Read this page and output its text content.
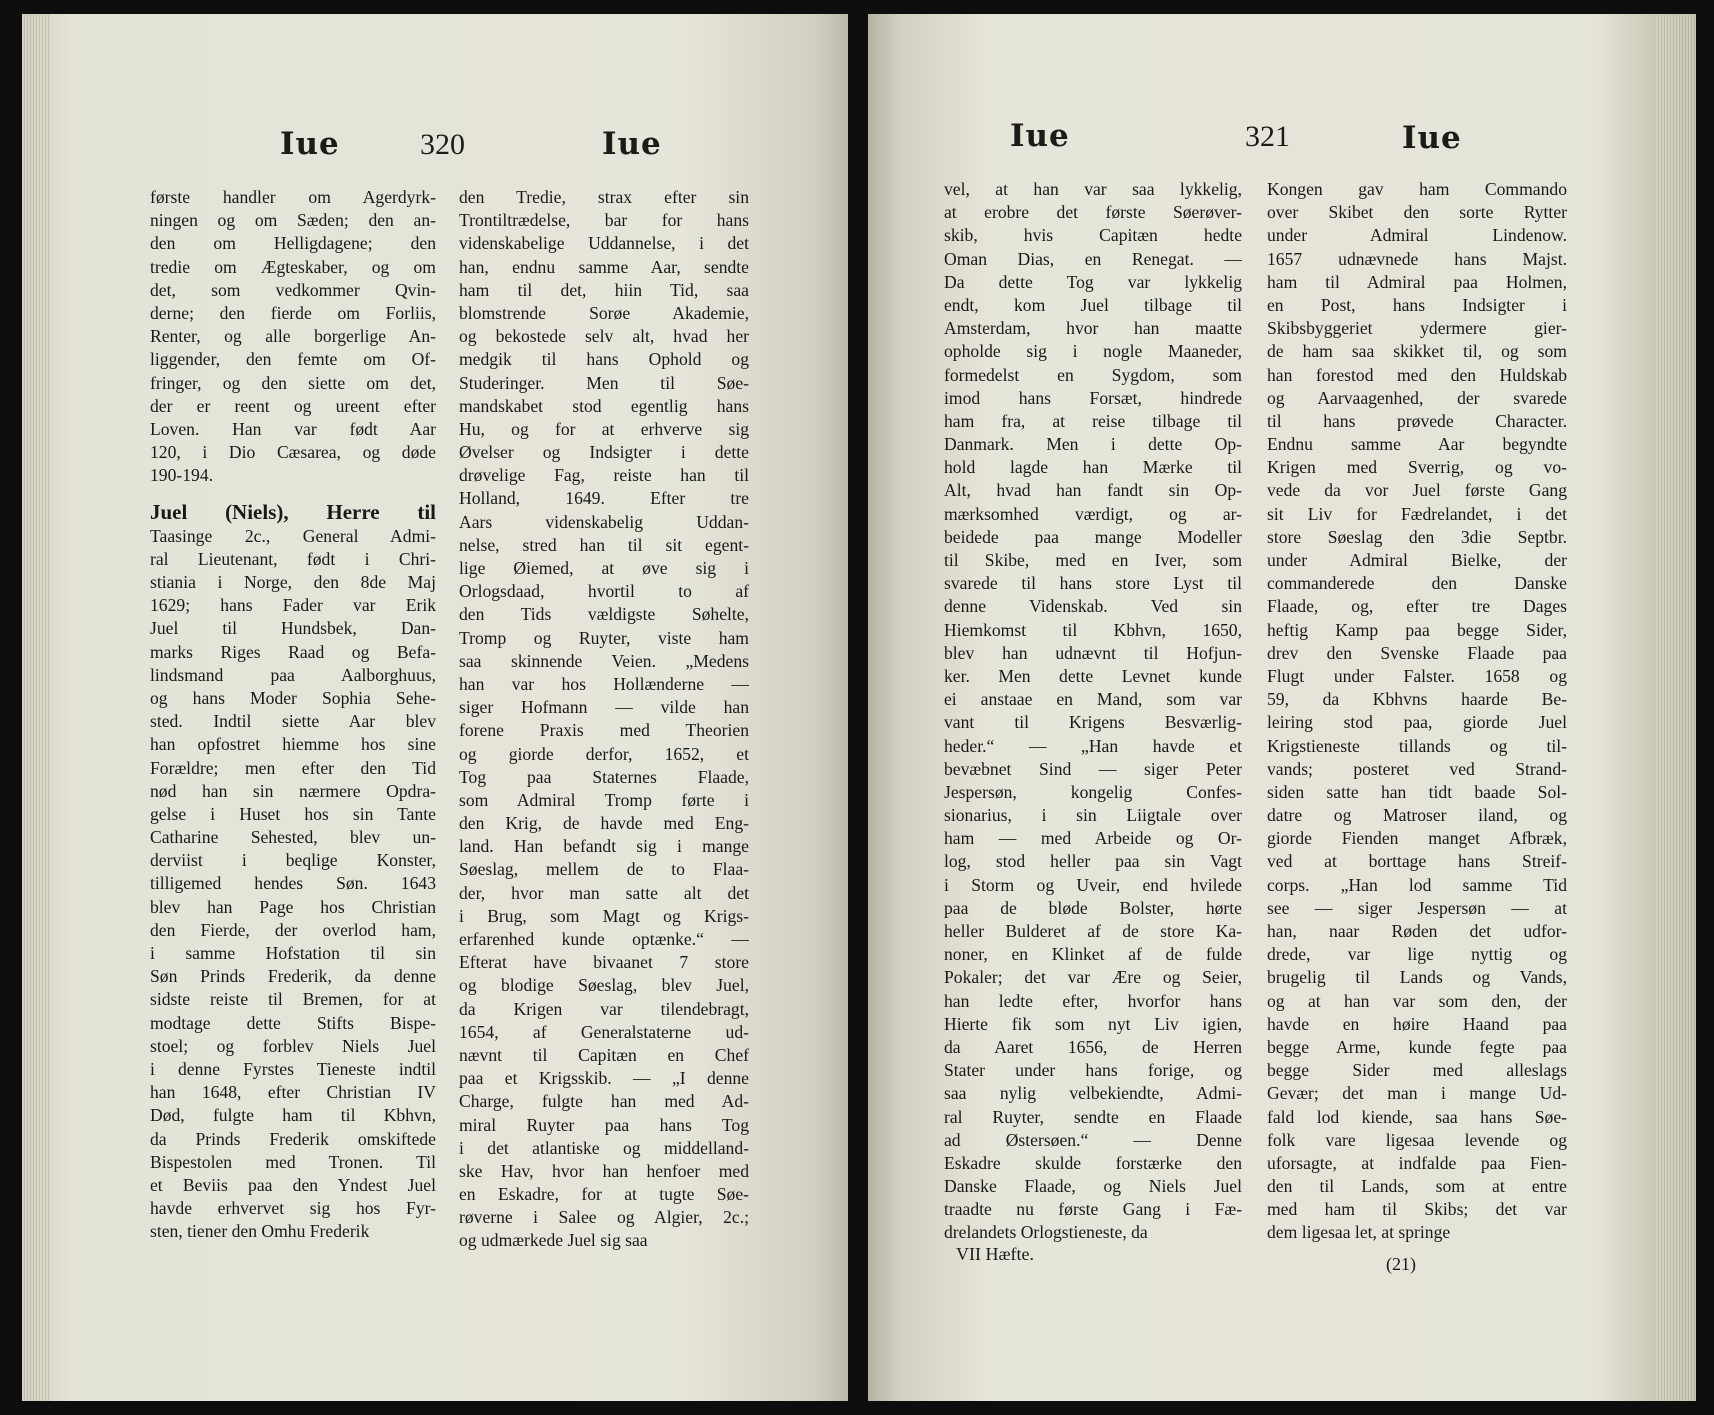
Iue	320	Iue
første handler om Agerdyrk-
ningen og om Sæden; den an-
den om Helligdagene; den
tredie om Ægteskaber, og om
det, som vedkommer Qvin-
derne; den fierde om Forliis,
Renter, og alle borgerlige An-
liggender, den femte om Of-
fringer, og den siette om det,
der er reent og ureent efter
Loven. Han var født Aar
120, i Dio Cæsarea, og døde
190-194.
Juel (Niels), Herre til
Taasinge 2c., General Admi-
ral Lieutenant, født i Chri-
stiania i Norge, den 8de Maj
1629; hans Fader var Erik
Juel til Hundsbek, Dan-
marks Riges Raad og Befa-
lindsmand paa Aalborghuus,
og hans Moder Sophia Sehe-
sted. Indtil siette Aar blev
han opfostret hiemme hos sine
Forældre; men efter den Tid
nød han sin nærmere Opdra-
gelse i Huset hos sin Tante
Catharine Sehested, blev un-
derviist i beqlige Konster,
tilligemed hendes Søn. 1643
blev han Page hos Christian
den Fierde, der overlod ham,
i samme Hofstation til sin
Søn Prinds Frederik, da denne
sidste reiste til Bremen, for at
modtage dette Stifts Bispe-
stoel; og forblev Niels Juel
i denne Fyrstes Tieneste indtil
han 1648, efter Christian IV
Død, fulgte ham til Kbhvn,
da Prinds Frederik omskiftede
Bispestolen med Tronen. Til
et Beviis paa den Yndest Juel
havde erhvervet sig hos Fyr-
sten, tiener den Omhu Frederik
den Tredie, strax efter sin
Trontiltrædelse, bar for hans
videnskabelige Uddannelse, i det
han, endnu samme Aar, sendte
ham til det, hiin Tid, saa
blomstrende Sorøe Akademie,
og bekostede selv alt, hvad her
medgik til hans Ophold og
Studeringer. Men til Søe-
mandskabet stod egentlig hans
Hu, og for at erhverve sig
Øvelser og Indsigter i dette
drøvelige Fag, reiste han til
Holland, 1649. Efter tre
Aars videnskabelig Uddan-
nelse, stred han til sit egent-
lige Øiemed, at øve sig i
Orlogsdaad, hvortil to af
den Tids vældigste Søhelte,
Tromp og Ruyter, viste ham
saa skinnende Veien. „Medens
han var hos Hollænderne —
siger Hofmann — vilde han
forene Praxis med Theorien
og giorde derfor, 1652, et
Tog paa Staternes Flaade,
som Admiral Tromp førte i
den Krig, de havde med Eng-
land. Han befandt sig i mange
Søeslag, mellem de to Flaa-
der, hvor man satte alt det
i Brug, som Magt og Krigs-
erfarenhed kunde optænke.“ —
Efterat have bivaanet 7 store
og blodige Søeslag, blev Juel,
da Krigen var tilendebragt,
1654, af Generalstaterne ud-
nævnt til Capitæn en Chef
paa et Krigsskib. — „I denne
Charge, fulgte han med Ad-
miral Ruyter paa hans Tog
i det atlantiske og middelland-
ske Hav, hvor han henfoer med
en Eskadre, for at tugte Søe-
røverne i Salee og Algier, 2c.;
og udmærkede Juel sig saa
Iue	321	Iue
vel, at han var saa lykkelig,
at erobre det første Søerøver-
skib, hvis Capitæn hedte
Oman Dias, en Renegat. —
Da dette Tog var lykkelig
endt, kom Juel tilbage til
Amsterdam, hvor han maatte
opholde sig i nogle Maaneder,
formedelst en Sygdom, som
imod hans Forsæt, hindrede
ham fra, at reise tilbage til
Danmark. Men i dette Op-
hold lagde han Mærke til
Alt, hvad han fandt sin Op-
mærksomhed værdigt, og ar-
beidede paa mange Modeller
til Skibe, med en Iver, som
svarede til hans store Lyst til
denne Videnskab. Ved sin
Hiemkomst til Kbhvn, 1650,
blev han udnævnt til Hofjun-
ker. Men dette Levnet kunde
ei anstaae en Mand, som var
vant til Krigens Besværlig-
heder.“ — „Han havde et
bevæbnet Sind — siger Peter
Jespersøn, kongelig Confes-
sionarius, i sin Liigtale over
ham — med Arbeide og Or-
log, stod heller paa sin Vagt
i Storm og Uveir, end hvilede
paa de bløde Bolster, hørte
heller Bulderet af de store Ka-
noner, en Klinket af de fulde
Pokaler; det var Ære og Seier,
han ledte efter, hvorfor hans
Hierte fik som nyt Liv igien,
da Aaret 1656, de Herren
Stater under hans forige, og
saa nylig velbekiendte, Admi-
ral Ruyter, sendte en Flaade
ad Østersøen.“ — Denne
Eskadre skulde forstærke den
Danske Flaade, og Niels Juel
traadte nu første Gang i Fæ-
drelandets Orlogstieneste, da
Kongen gav ham Commando
over Skibet den sorte Rytter
under Admiral Lindenow.
1657 udnævnede hans Majst.
ham til Admiral paa Holmen,
en Post, hans Indsigter i
Skibsbyggeriet ydermere gier-
de ham saa skikket til, og som
han forestod med den Huldskab
og Aarvaagenhed, der svarede
til hans prøvede Character.
Endnu samme Aar begyndte
Krigen med Sverrig, og vo-
vede da vor Juel første Gang
sit Liv for Fædrelandet, i det
store Søeslag den 3die Septbr.
under Admiral Bielke, der
commanderede den Danske
Flaade, og, efter tre Dages
heftig Kamp paa begge Sider,
drev den Svenske Flaade paa
Flugt under Falster. 1658 og
59, da Kbhvns haarde Be-
leiring stod paa, giorde Juel
Krigstieneste tillands og til-
vands; posteret ved Strand-
siden satte han tidt baade Sol-
datre og Matroser iland, og
giorde Fienden manget Afbræk,
ved at borttage hans Streif-
corps. „Han lod samme Tid
see — siger Jespersøn — at
han, naar Røden det udfor-
drede, var lige nyttig og
brugelig til Lands og Vands,
og at han var som den, der
havde en høire Haand paa
begge Arme, kunde fegte paa
begge Sider med alleslags
Gevær; det man i mange Ud-
fald lod kiende, saa hans Søe-
folk vare ligesaa levende og
uforsagte, at indfalde paa Fien-
den til Lands, som at entre
med ham til Skibs; det var
dem ligesaa let, at springe
VII Hæfte.	(21)
